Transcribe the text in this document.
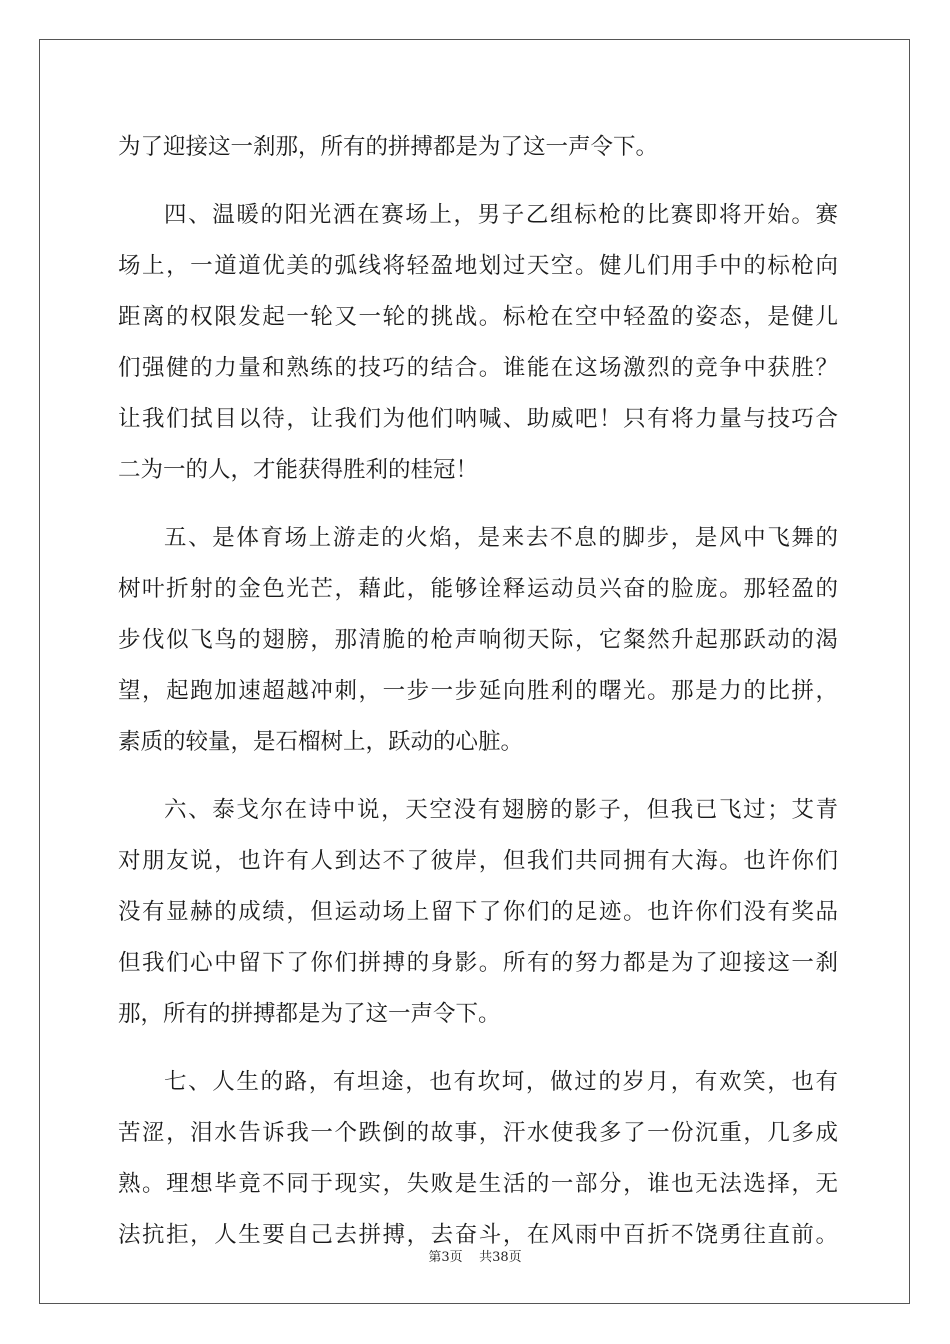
为了迎接这一刹那，所有的拼搏都是为了这一声令下。
四、温暖的阳光洒在赛场上，男子乙组标枪的比赛即将开始。赛
场上，一道道优美的弧线将轻盈地划过天空。健儿们用手中的标枪向
距离的权限发起一轮又一轮的挑战。标枪在空中轻盈的姿态，是健儿
们强健的力量和熟练的技巧的结合。谁能在这场激烈的竞争中获胜？
让我们拭目以待，让我们为他们呐喊、助威吧！只有将力量与技巧合
二为一的人，才能获得胜利的桂冠！
五、是体育场上游走的火焰，是来去不息的脚步，是风中飞舞的
树叶折射的金色光芒，藉此，能够诠释运动员兴奋的脸庞。那轻盈的
步伐似飞鸟的翅膀，那清脆的枪声响彻天际，它粲然升起那跃动的渴
望，起跑加速超越冲刺，一步一步延向胜利的曙光。那是力的比拼，
素质的较量，是石榴树上，跃动的心脏。
六、泰戈尔在诗中说，天空没有翅膀的影子，但我已飞过；艾青
对朋友说，也许有人到达不了彼岸，但我们共同拥有大海。也许你们
没有显赫的成绩，但运动场上留下了你们的足迹。也许你们没有奖品
但我们心中留下了你们拼搏的身影。所有的努力都是为了迎接这一刹
那，所有的拼搏都是为了这一声令下。
七、人生的路，有坦途，也有坎坷，做过的岁月，有欢笑，也有
苦涩，泪水告诉我一个跌倒的故事，汗水使我多了一份沉重，几多成
熟。理想毕竟不同于现实，失败是生活的一部分，谁也无法选择，无
法抗拒，人生要自己去拼搏，去奋斗，在风雨中百折不饶勇往直前。
第3页 共38页
